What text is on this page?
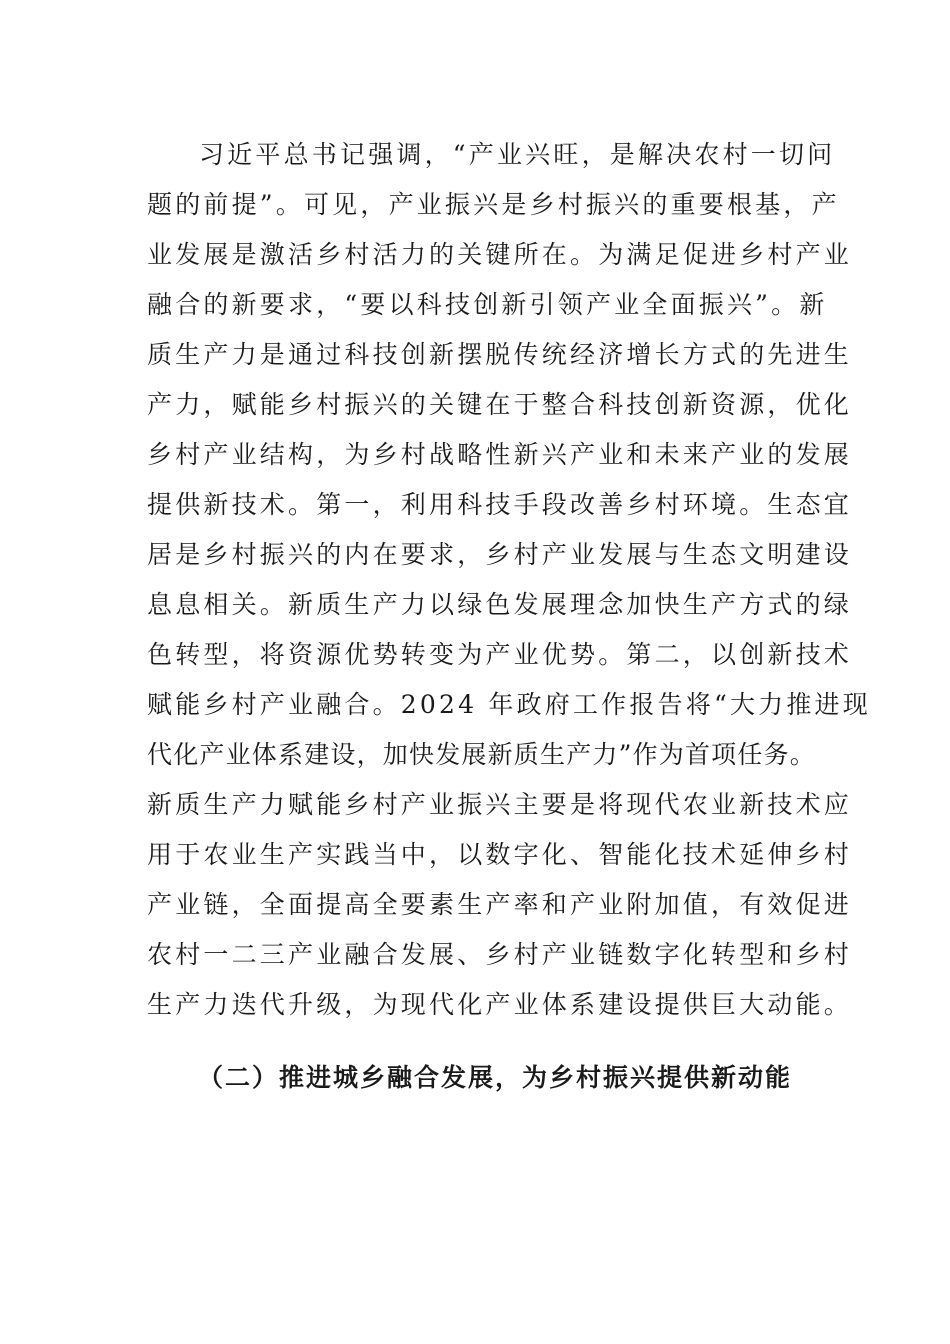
习近平总书记强调，“产业兴旺，是解决农村一切问
题的前提”。可见，产业振兴是乡村振兴的重要根基，产
业发展是激活乡村活力的关键所在。为满足促进乡村产业
融合的新要求，“要以科技创新引领产业全面振兴”。新
质生产力是通过科技创新摆脱传统经济增长方式的先进生
产力，赋能乡村振兴的关键在于整合科技创新资源，优化
乡村产业结构，为乡村战略性新兴产业和未来产业的发展
提供新技术。第一，利用科技手段改善乡村环境。生态宜
居是乡村振兴的内在要求，乡村产业发展与生态文明建设
息息相关。新质生产力以绿色发展理念加快生产方式的绿
色转型，将资源优势转变为产业优势。第二，以创新技术
赋能乡村产业融合。2024 年政府工作报告将“大力推进现
代化产业体系建设，加快发展新质生产力”作为首项任务。
新质生产力赋能乡村产业振兴主要是将现代农业新技术应
用于农业生产实践当中，以数字化、智能化技术延伸乡村
产业链，全面提高全要素生产率和产业附加值，有效促进
农村一二三产业融合发展、乡村产业链数字化转型和乡村
生产力迭代升级，为现代化产业体系建设提供巨大动能。
（二）推进城乡融合发展，为乡村振兴提供新动能
